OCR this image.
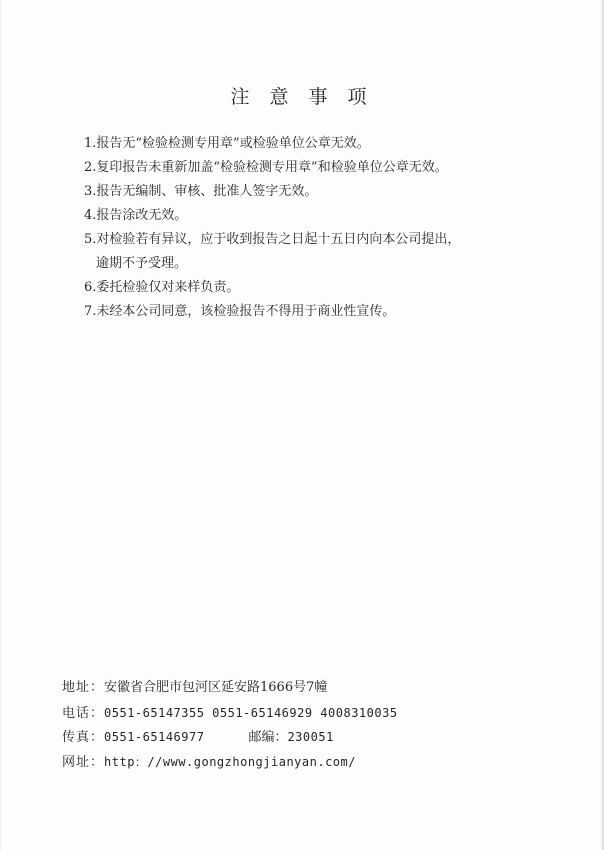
注 意 事 项
1.报告无“检验检测专用章”或检验单位公章无效。
2.复印报告未重新加盖“检验检测专用章”和检验单位公章无效。
3.报告无编制、审核、批准人签字无效。
4.报告涂改无效。
5.对检验若有异议，应于收到报告之日起十五日内向本公司提出，
逾期不予受理。
6.委托检验仅对来样负责。
7.未经本公司同意，该检验报告不得用于商业性宣传。
地址：安徽省合肥市包河区延安路1666号7幢
电话：0551-65147355 0551-65146929 4008310035
传真：0551-65146977	邮编：230051
网址：http：//www.gongzhongjianyan.com/
